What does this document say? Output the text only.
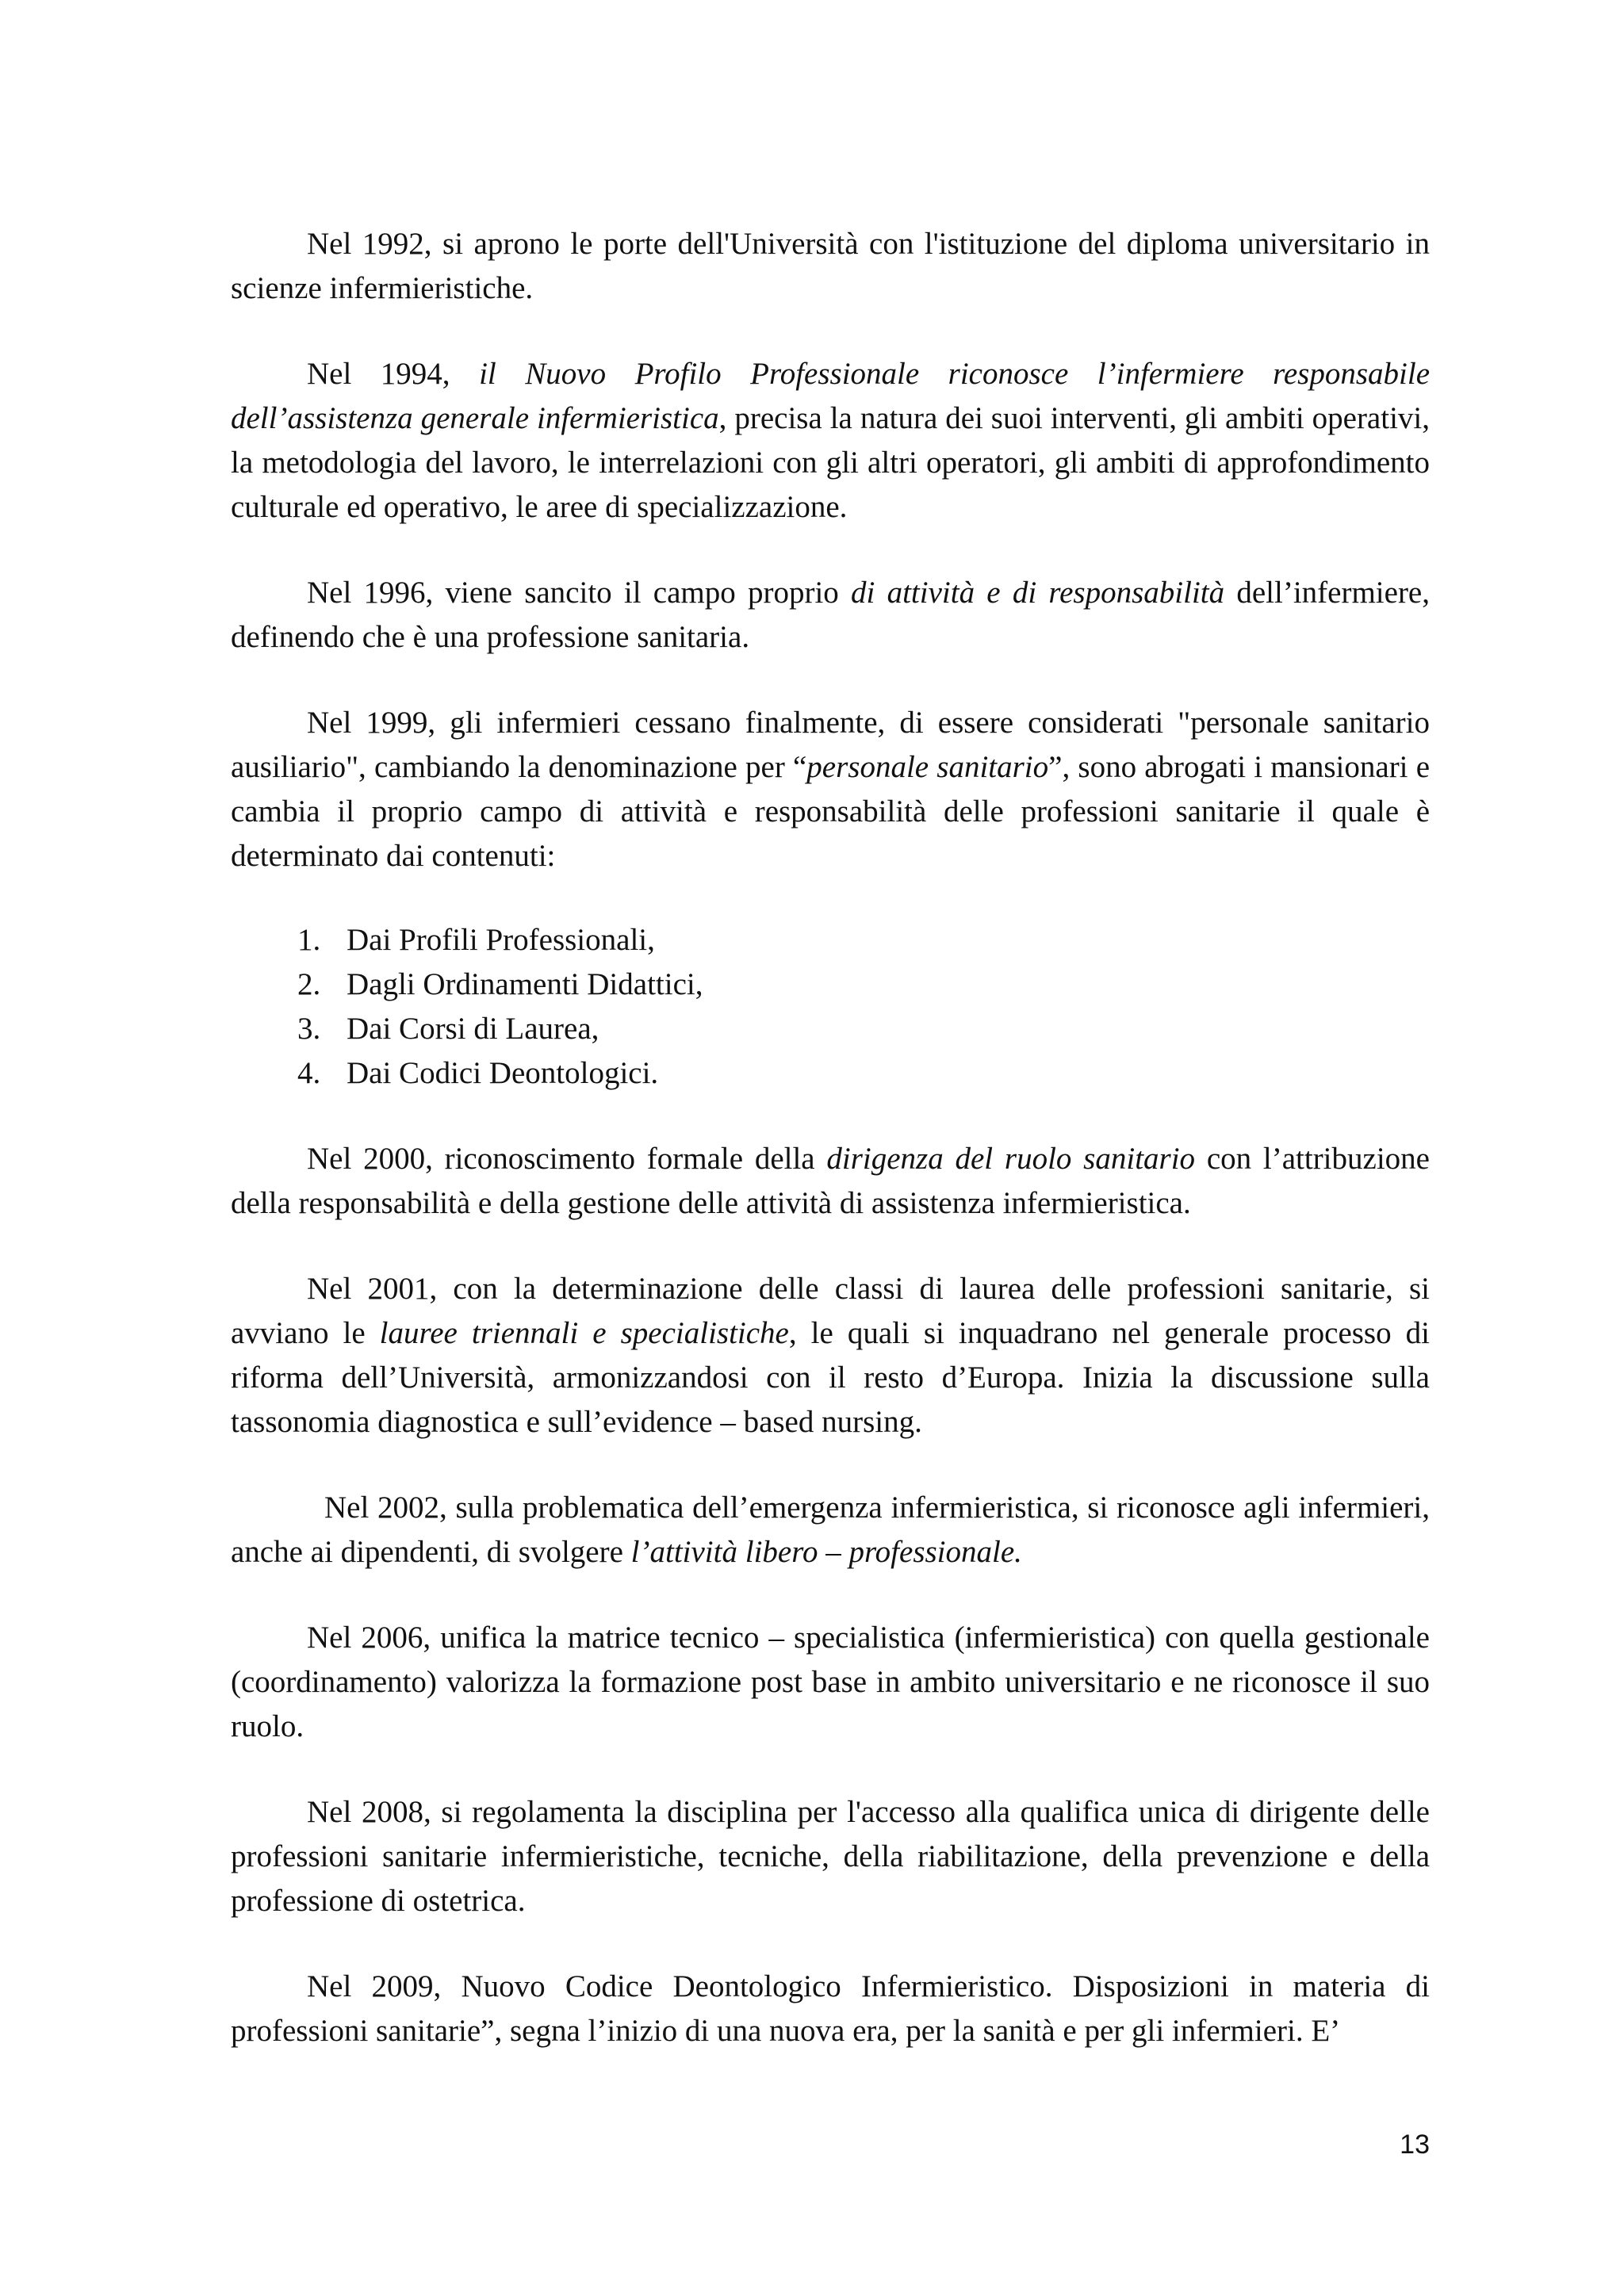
Nel 1992, si aprono le porte dell'Università con l'istituzione del diploma universitario in scienze infermieristiche.

Nel 1994, il Nuovo Profilo Professionale riconosce l’infermiere responsabile dell’assistenza generale infermieristica, precisa la natura dei suoi interventi, gli ambiti operativi, la metodologia del lavoro, le interrelazioni con gli altri operatori, gli ambiti di approfondimento culturale ed operativo, le aree di specializzazione.

Nel 1996, viene sancito il campo proprio di attività e di responsabilità dell’infermiere, definendo che è una professione sanitaria.

Nel 1999, gli infermieri cessano finalmente, di essere considerati "personale sanitario ausiliario", cambiando la denominazione per “personale sanitario”, sono abrogati i mansionari e cambia il proprio campo di attività e responsabilità delle professioni sanitarie il quale è determinato dai contenuti:

1. Dai Profili Professionali,
2. Dagli Ordinamenti Didattici,
3. Dai Corsi di Laurea,
4. Dai Codici Deontologici.

Nel 2000, riconoscimento formale della dirigenza del ruolo sanitario con l’attribuzione della responsabilità e della gestione delle attività di assistenza infermieristica.

Nel 2001, con la determinazione delle classi di laurea delle professioni sanitarie, si avviano le lauree triennali e specialistiche, le quali si inquadrano nel generale processo di riforma dell’Università, armonizzandosi con il resto d’Europa. Inizia la discussione sulla tassonomia diagnostica e sull’evidence – based nursing.

Nel 2002, sulla problematica dell’emergenza infermieristica, si riconosce agli infermieri, anche ai dipendenti, di svolgere l’attività libero – professionale.

Nel 2006, unifica la matrice tecnico – specialistica (infermieristica) con quella gestionale (coordinamento) valorizza la formazione post base in ambito universitario e ne riconosce il suo ruolo.

Nel 2008, si regolamenta la disciplina per l'accesso alla qualifica unica di dirigente delle professioni sanitarie infermieristiche, tecniche, della riabilitazione, della prevenzione e della professione di ostetrica.

Nel 2009, Nuovo Codice Deontologico Infermieristico. Disposizioni in materia di professioni sanitarie”, segna l’inizio di una nuova era, per la sanità e per gli infermieri. E’

13
